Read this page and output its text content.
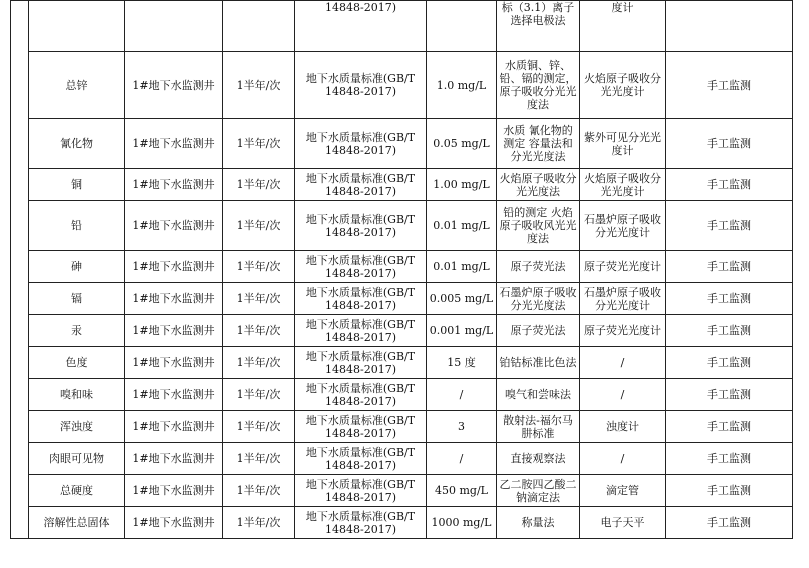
				14848-2017)		标（3.1）离子选择电极法	度计	
	总锌	1#地下水监测井	1半年/次	地下水质量标准(GB/T 14848-2017)	1.0 mg/L	水质铜、锌、铅、镉的测定，原子吸收分光光度法	火焰原子吸收分光光度计	手工监测
	氰化物	1#地下水监测井	1半年/次	地下水质量标准(GB/T 14848-2017)	0.05 mg/L	水质 氰化物的测定 容量法和分光光度法	紫外可见分光光度计	手工监测
	铜	1#地下水监测井	1半年/次	地下水质量标准(GB/T 14848-2017)	1.00 mg/L	火焰原子吸收分光光度法	火焰原子吸收分光光度计	手工监测
	铅	1#地下水监测井	1半年/次	地下水质量标准(GB/T 14848-2017)	0.01 mg/L	铅的测定 火焰原子吸收风光光度法	石墨炉原子吸收分光光度计	手工监测
	砷	1#地下水监测井	1半年/次	地下水质量标准(GB/T 14848-2017)	0.01 mg/L	原子荧光法	原子荧光光度计	手工监测
	镉	1#地下水监测井	1半年/次	地下水质量标准(GB/T 14848-2017)	0.005 mg/L	石墨炉原子吸收分光光度法	石墨炉原子吸收分光光度计	手工监测
	汞	1#地下水监测井	1半年/次	地下水质量标准(GB/T 14848-2017)	0.001 mg/L	原子荧光法	原子荧光光度计	手工监测
	色度	1#地下水监测井	1半年/次	地下水质量标准(GB/T 14848-2017)	15 度	铂钴标准比色法	/	手工监测
	嗅和味	1#地下水监测井	1半年/次	地下水质量标准(GB/T 14848-2017)	/	嗅气和尝味法	/	手工监测
	浑浊度	1#地下水监测井	1半年/次	地下水质量标准(GB/T 14848-2017)	3	散射法-福尔马肼标准	浊度计	手工监测
	肉眼可见物	1#地下水监测井	1半年/次	地下水质量标准(GB/T 14848-2017)	/	直接观察法	/	手工监测
	总硬度	1#地下水监测井	1半年/次	地下水质量标准(GB/T 14848-2017)	450 mg/L	乙二胺四乙酸二钠滴定法	滴定管	手工监测
	溶解性总固体	1#地下水监测井	1半年/次	地下水质量标准(GB/T 14848-2017)	1000 mg/L	称量法	电子天平	手工监测
